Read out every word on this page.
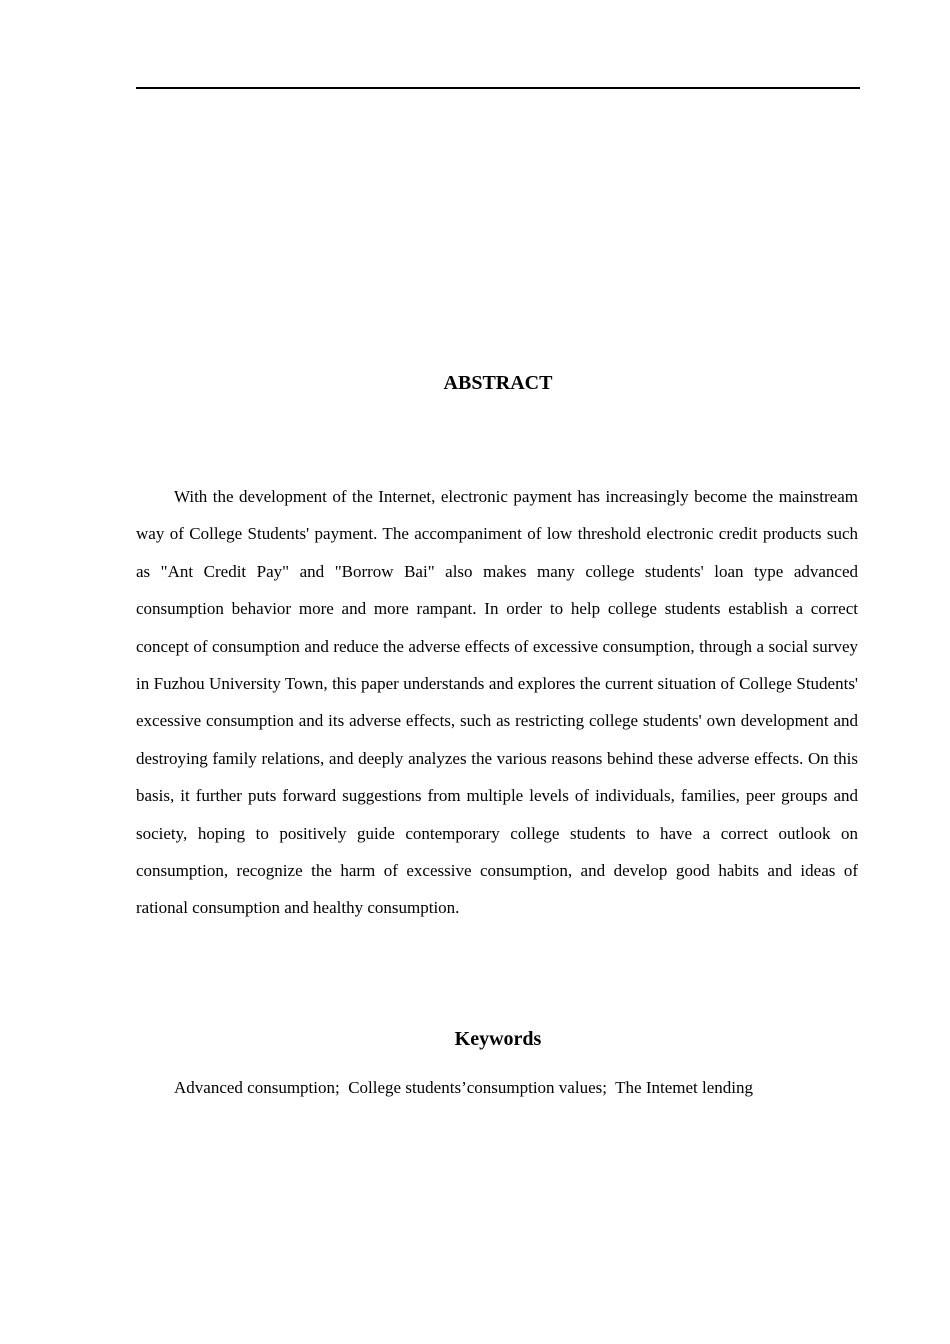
ABSTRACT

With the development of the Internet, electronic payment has increasingly become the mainstream way of College Students' payment. The accompaniment of low threshold electronic credit products such as "Ant Credit Pay" and "Borrow Bai" also makes many college students' loan type advanced consumption behavior more and more rampant. In order to help college students establish a correct concept of consumption and reduce the adverse effects of excessive consumption, through a social survey in Fuzhou University Town, this paper understands and explores the current situation of College Students' excessive consumption and its adverse effects, such as restricting college students' own development and destroying family relations, and deeply analyzes the various reasons behind these adverse effects. On this basis, it further puts forward suggestions from multiple levels of individuals, families, peer groups and society, hoping to positively guide contemporary college students to have a correct outlook on consumption, recognize the harm of excessive consumption, and develop good habits and ideas of rational consumption and healthy consumption.

Keywords

Advanced consumption; College students’consumption values; The Intemet lending
